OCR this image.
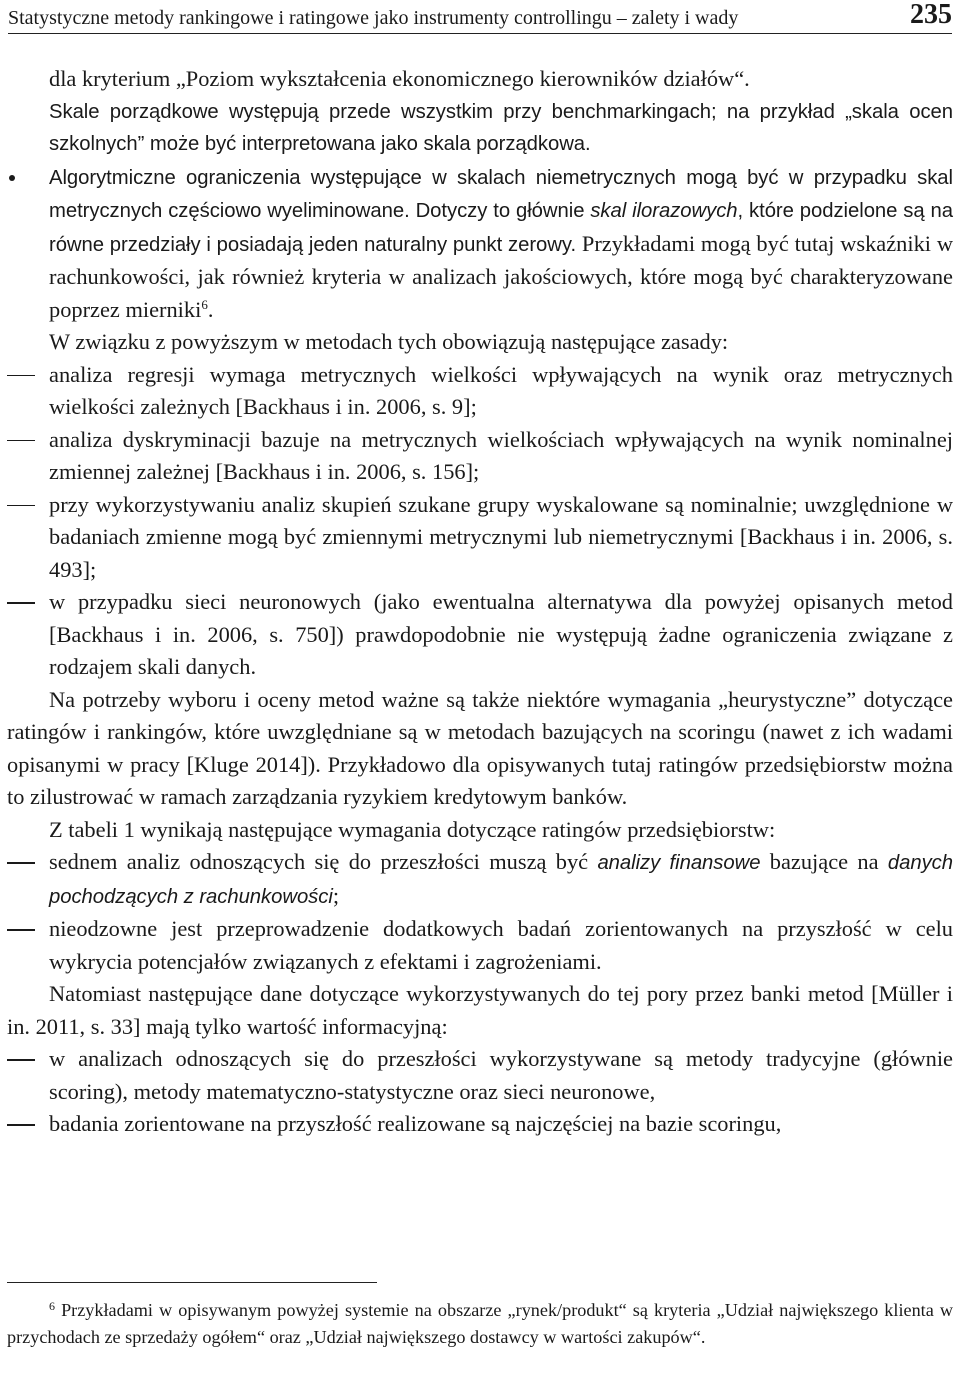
Statystyczne metody rankingowe i ratingowe jako instrumenty controllingu – zalety i wady	235

dla kryterium „Poziom wykształcenia ekonomicznego kierowników działów“.

Skale porządkowe występują przede wszystkim przy benchmarkingach; na przykład „skala ocen szkolnych” może być interpretowana jako skala porządkowa.

Algorytmiczne ograniczenia występujące w skalach niemetrycznych mogą być w przypadku skal metrycznych częściowo wyeliminowane. Dotyczy to głównie skal ilorazowych, które podzielone są na równe przedziały i posiadają jeden naturalny punkt zerowy. Przykładami mogą być tutaj wskaźniki w rachunkowości, jak również kryteria w analizach jakościowych, które mogą być charakteryzowane poprzez mierniki$^6$.

W związku z powyższym w metodach tych obowiązują następujące zasady:

analiza regresji wymaga metrycznych wielkości wpływających na wynik oraz metrycznych wielkości zależnych [Backhaus i in. 2006, s. 9];
analiza dyskryminacji bazuje na metrycznych wielkościach wpływających na wynik nominalnej zmiennej zależnej [Backhaus i in. 2006, s. 156];
przy wykorzystywaniu analiz skupień szukane grupy wyskalowane są nominalnie; uwzględnione w badaniach zmienne mogą być zmiennymi metrycznymi lub niemetrycznymi [Backhaus i in. 2006, s. 493];
w przypadku sieci neuronowych (jako ewentualna alternatywa dla powyżej opisanych metod [Backhaus i in. 2006, s. 750]) prawdopodobnie nie występują żadne ograniczenia związane z rodzajem skali danych.

Na potrzeby wyboru i oceny metod ważne są także niektóre wymagania „heurystyczne” dotyczące ratingów i rankingów, które uwzględniane są w metodach bazujących na scoringu (nawet z ich wadami opisanymi w pracy [Kluge 2014]). Przykładowo dla opisywanych tutaj ratingów przedsiębiorstw można to zilustrować w ramach zarządzania ryzykiem kredytowym banków.

Z tabeli 1 wynikają następujące wymagania dotyczące ratingów przedsiębiorstw:

sednem analiz odnoszących się do przeszłości muszą być analizy finansowe bazujące na danych pochodzących z rachunkowości;
nieodzowne jest przeprowadzenie dodatkowych badań zorientowanych na przyszłość w celu wykrycia potencjałów związanych z efektami i zagrożeniami.

Natomiast następujące dane dotyczące wykorzystywanych do tej pory przez banki metod [Müller i in. 2011, s. 33] mają tylko wartość informacyjną:

w analizach odnoszących się do przeszłości wykorzystywane są metody tradycyjne (głównie scoring), metody matematyczno-statystyczne oraz sieci neuronowe,
badania zorientowane na przyszłość realizowane są najczęściej na bazie scoringu,

$^6$ Przykładami w opisywanym powyżej systemie na obszarze „rynek/produkt“ są kryteria „Udział największego klienta w przychodach ze sprzedaży ogółem“ oraz „Udział największego dostawcy w wartości zakupów“.
